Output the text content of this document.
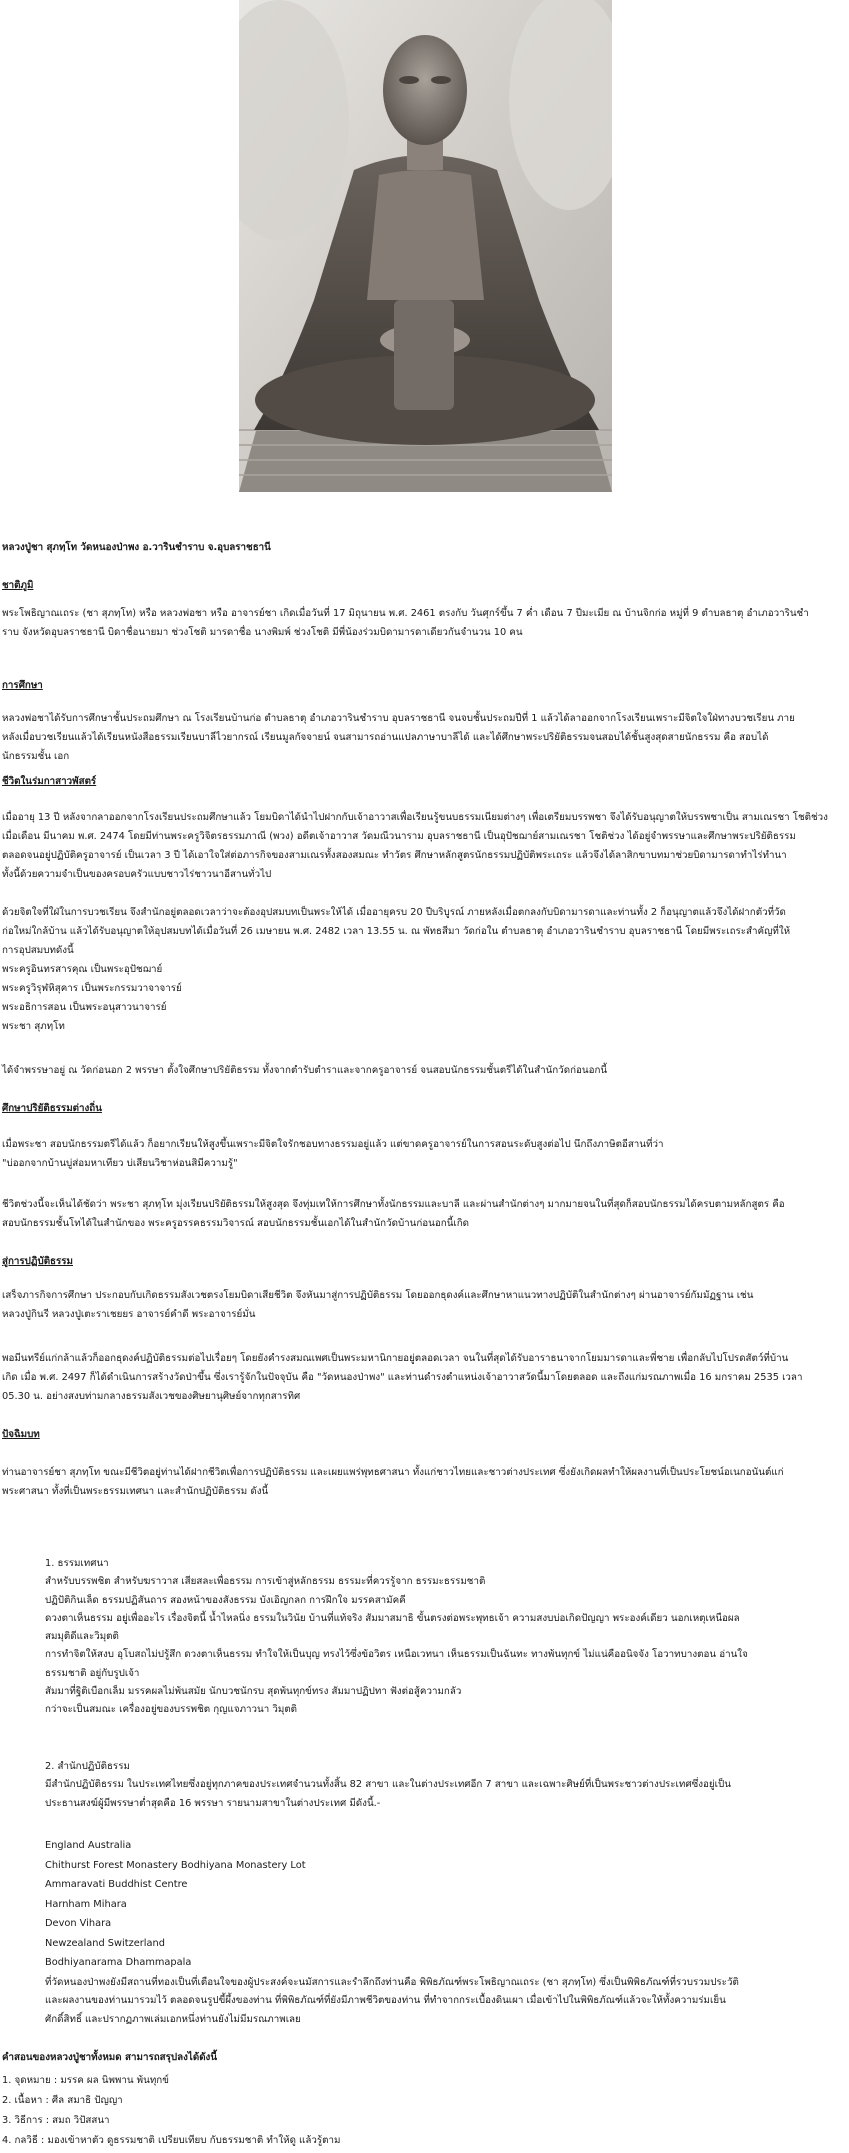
หลวงปู่ชา สุภทฺโท วัดหนองป่าพง อ.วารินชำราบ จ.อุบลราชธานี
ชาติภูมิ
พระโพธิญาณเถระ (ชา สุภทฺโท) หรือ หลวงพ่อชา หรือ อาจารย์ชา เกิดเมื่อวันที่ 17 มิถุนายน พ.ศ. 2461 ตรงกับ วันศุกร์ขึ้น 7 ค่ำ เดือน 7 ปีมะเมีย ณ บ้านจิกก่อ หมู่ที่ 9 ตำบลธาตุ อำเภอวารินชำ
ราบ จังหวัดอุบลราชธานี บิดาชื่อนายมา ช่วงโชติ มารดาชื่อ นางพิมพ์ ช่วงโชติ มีพี่น้องร่วมบิดามารดาเดียวกันจำนวน 10 คน
การศึกษา
หลวงพ่อชาได้รับการศึกษาชั้นประถมศึกษา ณ โรงเรียนบ้านก่อ ตำบลธาตุ อำเภอวารินชำราบ อุบลราชธานี จนจบชั้นประถมปีที่ 1 แล้วได้ลาออกจากโรงเรียนเพราะมีจิตใจใฝ่ทางบวชเรียน ภาย
หลังเมื่อบวชเรียนแล้วได้เรียนหนังสือธรรมเรียนบาลีไวยากรณ์ เรียนมูลกัจจายน์ จนสามารถอ่านแปลภาษาบาลีได้ และได้ศึกษาพระปริยัติธรรมจนสอบได้ชั้นสูงสุดสายนักธรรม คือ สอบได้
นักธรรมชั้น เอก
ชีวิตในร่มกาสาวพัสตร์
เมื่ออายุ 13 ปี หลังจากลาออกจากโรงเรียนประถมศึกษาแล้ว โยมบิดาได้นำไปฝากกับเจ้าอาวาสเพื่อเรียนรู้ขนบธรรมเนียมต่างๆ เพื่อเตรียมบรรพชา จึงได้รับอนุญาตให้บรรพชาเป็น สามเณรชา โชติช่วง
เมื่อเดือน มีนาคม พ.ศ. 2474 โดยมีท่านพระครูวิจิตรธรรมภาณี (พวง) อดีตเจ้าอาวาส วัดมณีวนาราม อุบลราชธานี เป็นอุปัชฌาย์สามเณรชา โชติช่วง ได้อยู่จำพรรษาและศึกษาพระปริยัติธรรม
ตลอดจนอยู่ปฏิบัติครูอาจารย์ เป็นเวลา 3 ปี ได้เอาใจใส่ต่อภารกิจของสามเณรทั้งสองสมณะ ทำวัตร ศึกษาหลักสูตรนักธรรมปฏิบัติพระเถระ แล้วจึงได้ลาสิกขาบทมาช่วยบิดามารดาทำไร่ทำนา
ทั้งนี้ด้วยความจำเป็นของครอบครัวแบบชาวไร่ชาวนาอีสานทั่วไป
ด้วยจิตใจที่ใฝ่ในการบวชเรียน จึงสำนักอยู่ตลอดเวลาว่าจะต้องอุปสมบทเป็นพระให้ได้ เมื่ออายุครบ 20 ปีบริบูรณ์ ภายหลังเมื่อตกลงกับบิดามารดาและท่านทั้ง 2 ก็อนุญาตแล้วจึงได้ฝากตัวที่วัด
ก่อใหม่ใกล้บ้าน แล้วได้รับอนุญาตให้อุปสมบทได้เมื่อวันที่ 26 เมษายน พ.ศ. 2482 เวลา 13.55 น. ณ พัทธสีมา วัดก่อใน ตำบลธาตุ อำเภอวารินชำราบ อุบลราชธานี โดยมีพระเถระสำคัญที่ให้
การอุปสมบทดังนี้
พระครูอินทรสารคุณ เป็นพระอุปัชฌาย์
พระครูวิรุฬหิสุคาร เป็นพระกรรมวาจาจารย์
พระอธิการสอน เป็นพระอนุสาวนาจารย์
พระชา สุภทฺโท
ได้จำพรรษาอยู่ ณ วัดก่อนอก 2 พรรษา ตั้งใจศึกษาปริยัติธรรม ทั้งจากตำรับตำราและจากครูอาจารย์ จนสอบนักธรรมชั้นตรีได้ในสำนักวัดก่อนอกนี้
ศึกษาปริยัติธรรมต่างถิ่น
เมื่อพระชา สอบนักธรรมตรีได้แล้ว ก็อยากเรียนให้สูงขึ้นเพราะมีจิตใจรักชอบทางธรรมอยู่แล้ว แต่ขาดครูอาจารย์ในการสอนระดับสูงต่อไป นึกถึงภาษิตอีสานที่ว่า
"บ่ออกจากบ้านบู่ส่อมหาเทียว บ่เสียนวิชาห่อนสิมีความรู้"
ชีวิตช่วงนี้จะเห็นได้ชัดว่า พระชา สุภทฺโท มุ่งเรียนปริยัติธรรมให้สูงสุด จึงทุ่มเทให้การศึกษาทั้งนักธรรมและบาลี และผ่านสำนักต่างๆ มากมายจนในที่สุดก็สอบนักธรรมได้ครบตามหลักสูตร คือ
สอบนักธรรมชั้นโทได้ในสำนักของ พระครูอรรคธรรมวิจารณ์ สอบนักธรรมชั้นเอกได้ในสำนักวัดบ้านก่อนอกนี้เกิด
สู่การปฏิบัติธรรม
เสร็จภารกิจการศึกษา ประกอบกับเกิดธรรมสังเวชตรงโยมบิดาเสียชีวิต จึงหันมาสู่การปฏิบัติธรรม โดยออกธุดงค์และศึกษาหาแนวทางปฏิบัติในสำนักต่างๆ ผ่านอาจารย์กัมมัฏฐาน เช่น
หลวงปู่กินรี หลวงปู่เตะราเชยยร อาจารย์คำดี พระอาจารย์มั่น
พอมีนทรีย์แก่กล้าแล้วก็ออกธุดงค์ปฏิบัติธรรมต่อไปเรื่อยๆ โดยยังคำรงสมณเพศเป็นพระมหานิกายอยู่ตลอดเวลา จนในที่สุดได้รับอาราธนาจากโยมมารดาและพี่ชาย เพื่อกลับไปโปรดสัตว์ที่บ้าน
เกิด เมื่อ พ.ศ. 2497 ก็ได้ดำเนินการสร้างวัดป่าขึ้น ซึ่งเรารู้จักในปัจจุบัน คือ "วัดหนองป่าพง" และท่านดำรงตำแหน่งเจ้าอาวาสวัดนี้มาโดยตลอด และถึงแก่มรณภาพเมื่อ 16 มกราคม 2535 เวลา
05.30 น. อย่างสงบท่ามกลางธรรมสังเวชของศิษยานุศิษย์จากทุกสารทิศ
ปัจฉิมบท
ท่านอาจารย์ชา สุภทฺโท ขณะมีชีวิตอยู่ท่านได้ฝากชีวิตเพื่อการปฏิบัติธรรม และเผยแพร่พุทธศาสนา ทั้งแก่ชาวไทยและชาวต่างประเทศ ซึ่งยังเกิดผลทำให้ผลงานที่เป็นประโยชน์อเนกอนันต์แก่
พระศาสนา ทั้งที่เป็นพระธรรมเทศนา และสำนักปฏิบัติธรรม ดังนี้
1. ธรรมเทศนา
สำหรับบรรพชิต สำหรับฆราวาส เสียสละเพื่อธรรม การเข้าสู่หลักธรรม ธรรมะที่ควรรู้จาก ธรรมะธรรมชาติ
ปฏิปัติกินเล็ด ธรรมปฏิสันถาร สองหน้าของสังธรรม บังเอิญกลก การฝึกใจ มรรคสามัคคี
ดวงตาเห็นธรรม อยู่เพื่ออะไร เรื่องจิตนี้ น้ำไหลนิ่ง ธรรมในวินัย บ้านที่แท้จริง สัมมาสมาธิ ขั้นตรงต่อพระพุทธเจ้า ความสงบบ่อเกิดปัญญา พระองค์เดียว นอกเหตุเหนือผล
สมมุติดีและวิมุตติ
การทำจิตให้สงบ อุโบสถไม่ปรู้สึก ดวงตาเห็นธรรม ทำใจให้เป็นบุญ ทรงไว้ซึ่งข้อวิตร เหนือเวทนา เห็นธรรมเป็นฉันทะ ทางพ้นทุกข์ ไม่แน่คืออนิจจัง โอวาทบางตอน อ่านใจ
ธรรมชาติ อยู่กับรูปเจ้า
สัมมาที่ฐิติเบือกเล็ม มรรคผลไม่พ้นสมัย นักบวชนักรบ สุดพ้นทุกข์ทรง สัมมาปฏิปทา ฟังต่อสู้ความกลัว
กว่าจะเป็นสมณะ เครื่องอยู่ของบรรพชิต กุญแจภาวนา วิมุตติ
2. สำนักปฏิบัติธรรม
มีสำนักปฏิบัติธรรม ในประเทศไทยซึ่งอยู่ทุกภาคของประเทศจำนวนทั้งสิ้น 82 สาขา และในต่างประเทศอีก 7 สาขา และเฉพาะศิษย์ที่เป็นพระชาวต่างประเทศซึ่งอยู่เป็น
ประธานสงฆ์ผู้มีพรรษาต่ำสุดคือ 16 พรรษา รายนามสาขาในต่างประเทศ มีดังนี้.-
England Australia
Chithurst Forest Monastery Bodhiyana Monastery Lot
Ammaravati Buddhist Centre
Harnham Mihara
Devon Vihara
Newzealand Switzerland
Bodhiyanarama Dhammapala
ที่วัดหนองป่าพงยังมีสถานที่ทองเป็นที่เตือนใจของผู้ประสงค์จะนมัสการและรำลึกถึงท่านคือ พิพิธภัณฑ์พระโพธิญาณเถระ (ชา สุภทฺโท) ซึ่งเป็นพิพิธภัณฑ์ที่รวบรวมประวัติ
และผลงานของท่านมารวมไว้ ตลอดจนรูปขี้ผึ้งของท่าน ที่พิพิธภัณฑ์ที่ยังมีภาพชีวิตของท่าน ที่ทำจากกระเบื้องดินเผา เมื่อเข้าไปในพิพิธภัณฑ์แล้วจะให้ทั้งความร่มเย็น
ศักดิ์สิทธิ์ และปรากฏภาพเล่มเอกหนึ่งท่านยังไม่มีมรณภาพเลย
คำสอนของหลวงปู่ชาทั้งหมด สามารถสรุปลงได้ดังนี้
1. จุดหมาย : มรรค ผล นิพพาน พ้นทุกข์
2. เนื้อหา : ศีล สมาธิ ปัญญา
3. วิธีการ : สมถ วิปัสสนา
4. กลวิธี : มองเข้าหาตัว ดูธรรมชาติ เปรียบเทียบ กับธรรมชาติ ทำให้ดู แล้วรู้ตาม
